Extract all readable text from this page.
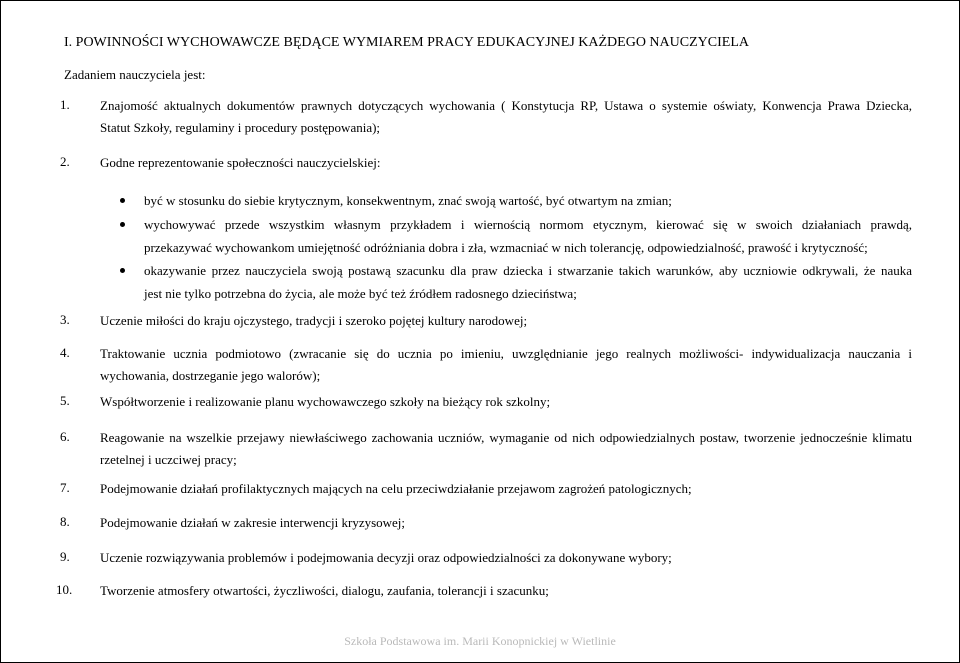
I. POWINNOŚCI WYCHOWAWCZE BĘDĄCE WYMIAREM PRACY EDUKACYJNEJ KAŻDEGO NAUCZYCIELA
Zadaniem nauczyciela jest:
1. Znajomość aktualnych dokumentów prawnych dotyczących wychowania ( Konstytucja RP, Ustawa o systemie oświaty, Konwencja Prawa Dziecka,
Statut Szkoły, regulaminy i procedury postępowania);
2. Godne reprezentowanie społeczności nauczycielskiej:
być w stosunku do siebie krytycznym, konsekwentnym, znać swoją wartość, być otwartym na zmian;
wychowywać przede wszystkim własnym przykładem i wiernością normom etycznym, kierować się w swoich działaniach prawdą,
przekazywać wychowankom umiejętność odróżniania dobra i zła, wzmacniać w nich tolerancję, odpowiedzialność, prawość i krytyczność;
okazywanie przez nauczyciela swoją postawą szacunku dla praw dziecka i stwarzanie takich warunków, aby uczniowie odkrywali, że nauka
jest nie tylko potrzebna do życia, ale może być też źródłem radosnego dzieciństwa;
3. Uczenie miłości do kraju ojczystego, tradycji i szeroko pojętej kultury narodowej;
4. Traktowanie ucznia podmiotowo (zwracanie się do ucznia po imieniu, uwzględnianie jego realnych możliwości- indywidualizacja nauczania i
wychowania, dostrzeganie jego walorów);
5. Współtworzenie i realizowanie planu wychowawczego szkoły na bieżący rok szkolny;
6. Reagowanie na wszelkie przejawy niewłaściwego zachowania uczniów, wymaganie od nich odpowiedzialnych postaw, tworzenie jednocześnie klimatu
rzetelnej i uczciwej pracy;
7. Podejmowanie działań profilaktycznych mających na celu przeciwdziałanie przejawom zagrożeń patologicznych;
8. Podejmowanie działań w zakresie interwencji kryzysowej;
9. Uczenie rozwiązywania problemów i podejmowania decyzji oraz odpowiedzialności za dokonywane wybory;
10. Tworzenie atmosfery otwartości, życzliwości, dialogu, zaufania, tolerancji i szacunku;
Szkoła Podstawowa im. Marii Konopnickiej w Wietlinie
